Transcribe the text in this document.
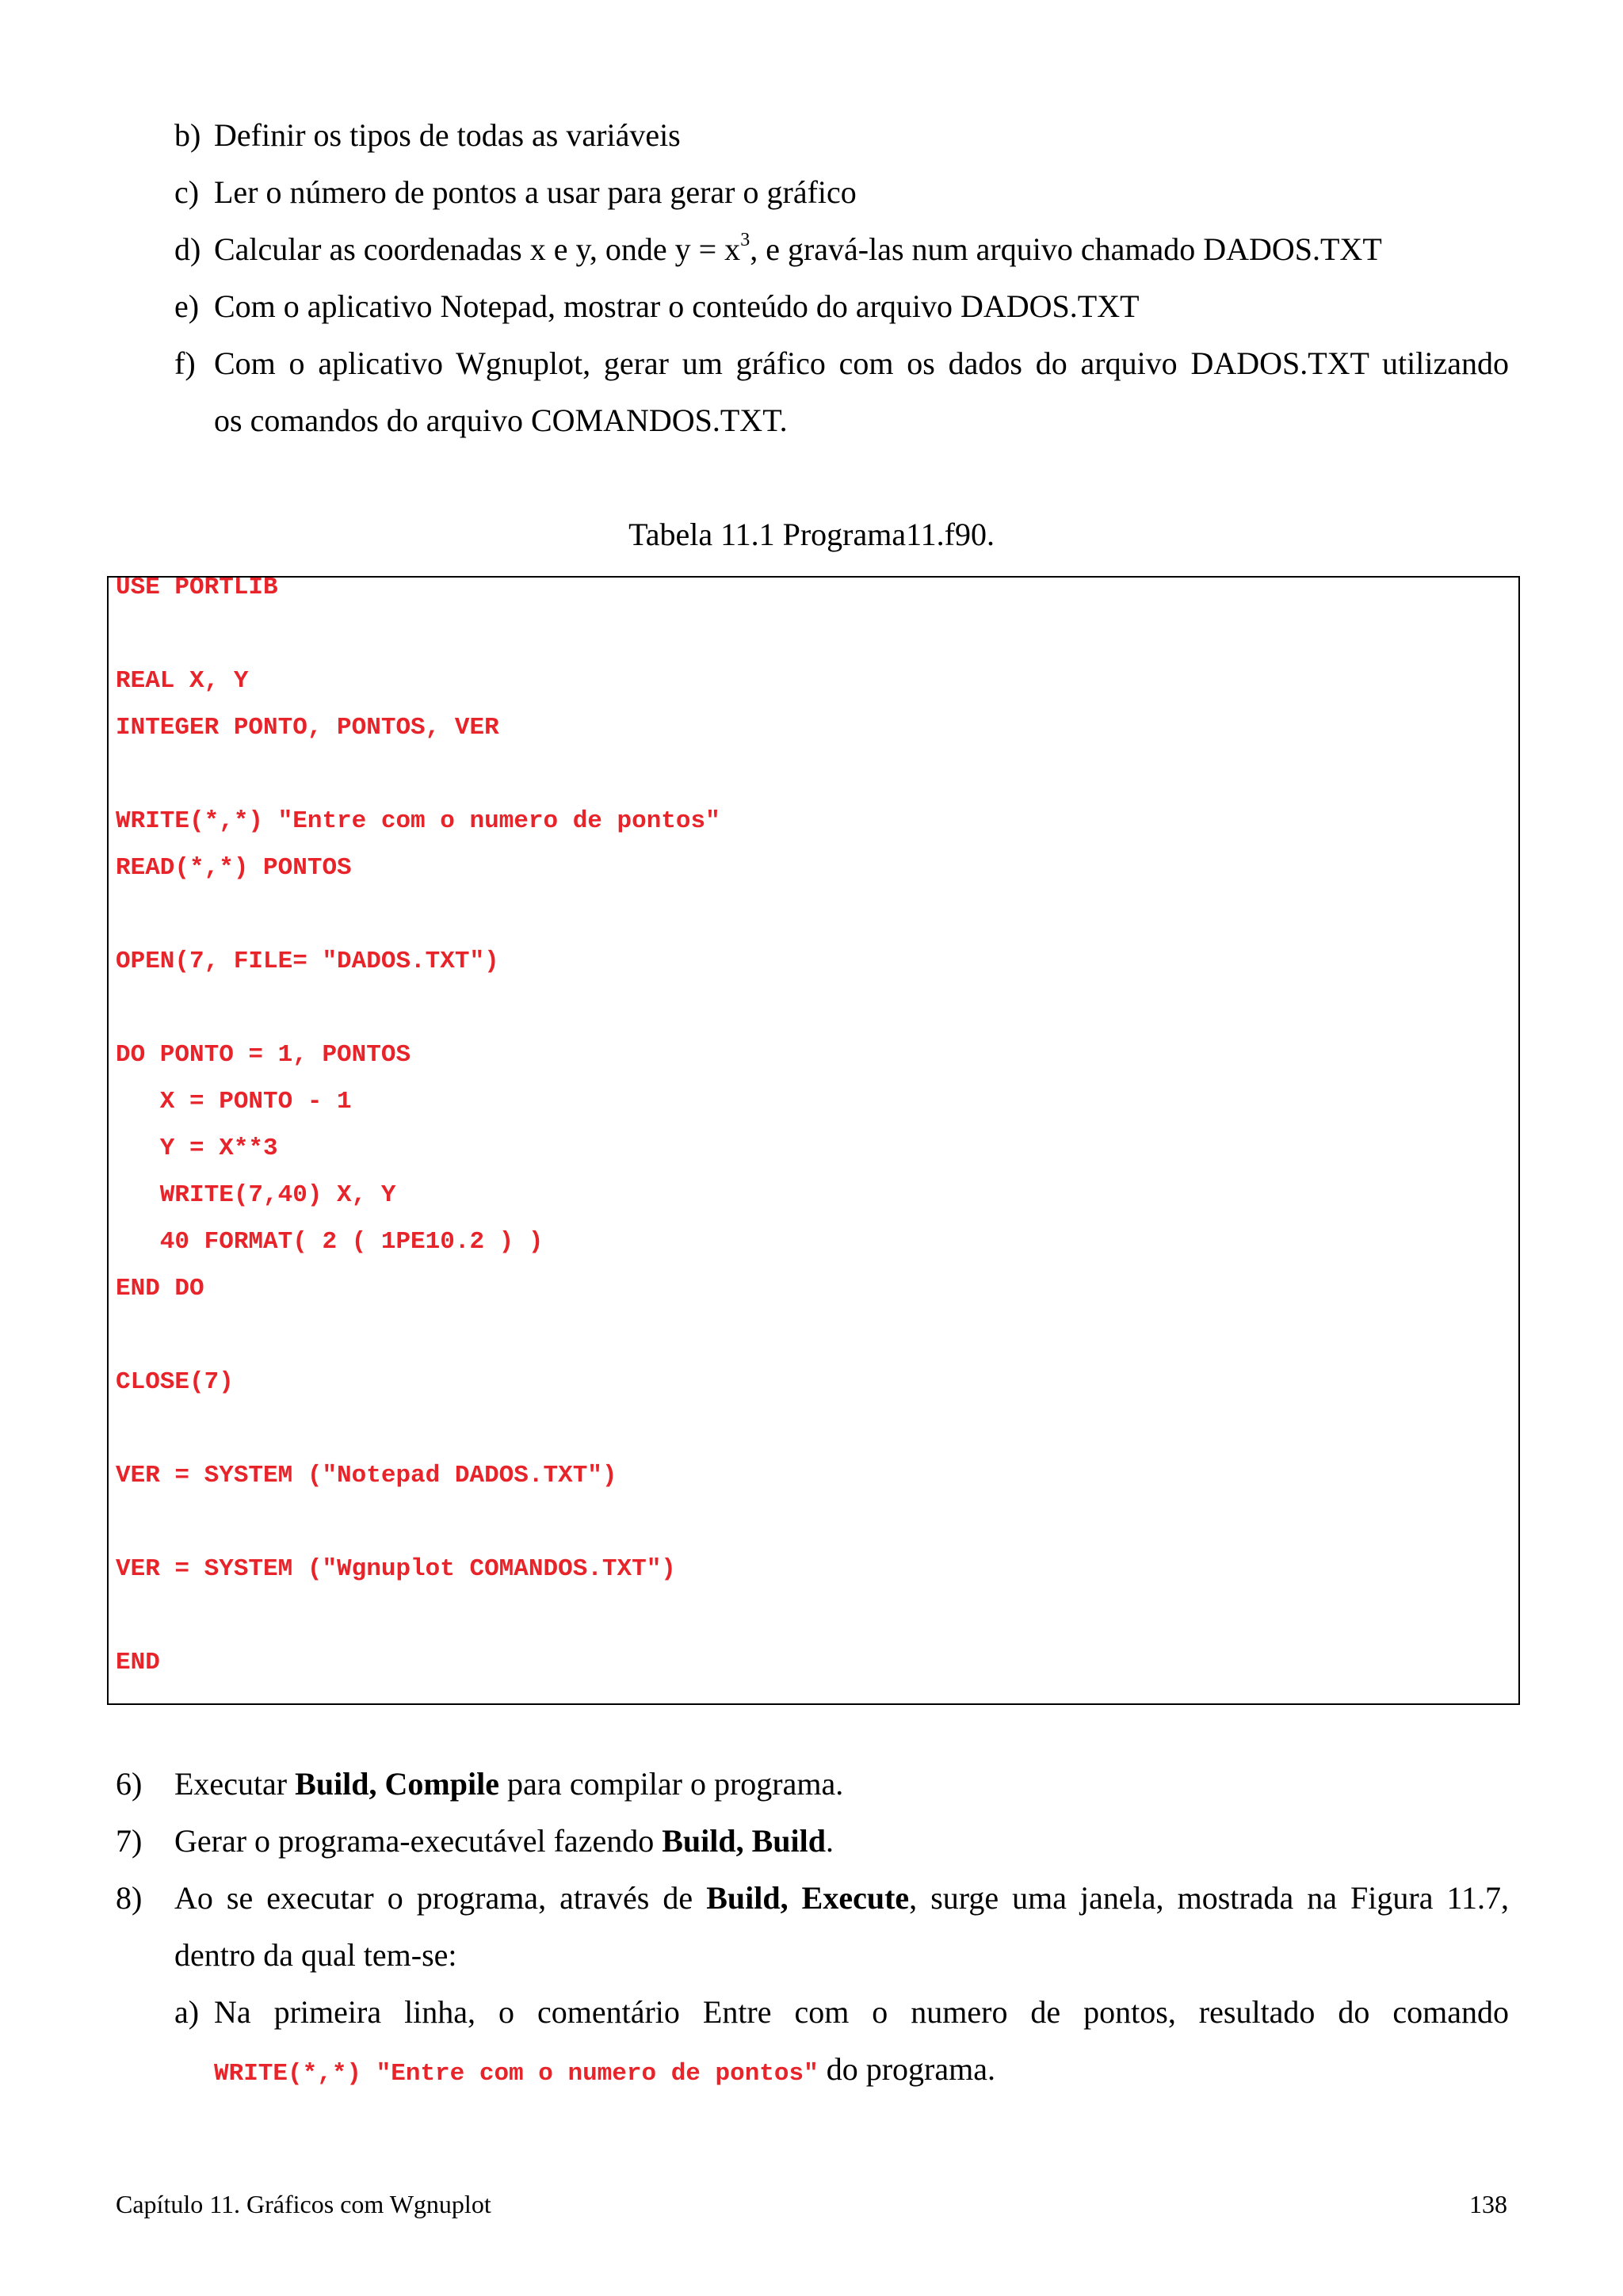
b) Definir os tipos de todas as variáveis
c) Ler o número de pontos a usar para gerar o gráfico
d) Calcular as coordenadas x e y, onde $y = x^3$, e gravá-las num arquivo chamado DADOS.TXT
e) Com o aplicativo Notepad, mostrar o conteúdo do arquivo DADOS.TXT
f) Com o aplicativo Wgnuplot, gerar um gráfico com os dados do arquivo DADOS.TXT utilizando
os comandos do arquivo COMANDOS.TXT.
Tabela 11.1 Programa11.f90.
USE PORTLIB
REAL X, Y
INTEGER PONTO, PONTOS, VER
WRITE(*,*) "Entre com o numero de pontos"
READ(*,*) PONTOS
OPEN(7, FILE= "DADOS.TXT")
DO PONTO = 1, PONTOS
X = PONTO - 1
Y = X**3
WRITE(7,40) X, Y
40 FORMAT( 2 ( 1PE10.2 ) )
END DO
CLOSE(7)
VER = SYSTEM ("Notepad DADOS.TXT")
VER = SYSTEM ("Wgnuplot COMANDOS.TXT")
END
6) Executar Build, Compile para compilar o programa.
7) Gerar o programa-executável fazendo Build, Build.
8) Ao se executar o programa, através de Build, Execute, surge uma janela, mostrada na Figura 11.7,
dentro da qual tem-se:
a) Na primeira linha, o comentário Entre com o numero de pontos, resultado do comando
WRITE(*,*) "Entre com o numero de pontos" do programa.
Capítulo 11. Gráficos com Wgnuplot	138
